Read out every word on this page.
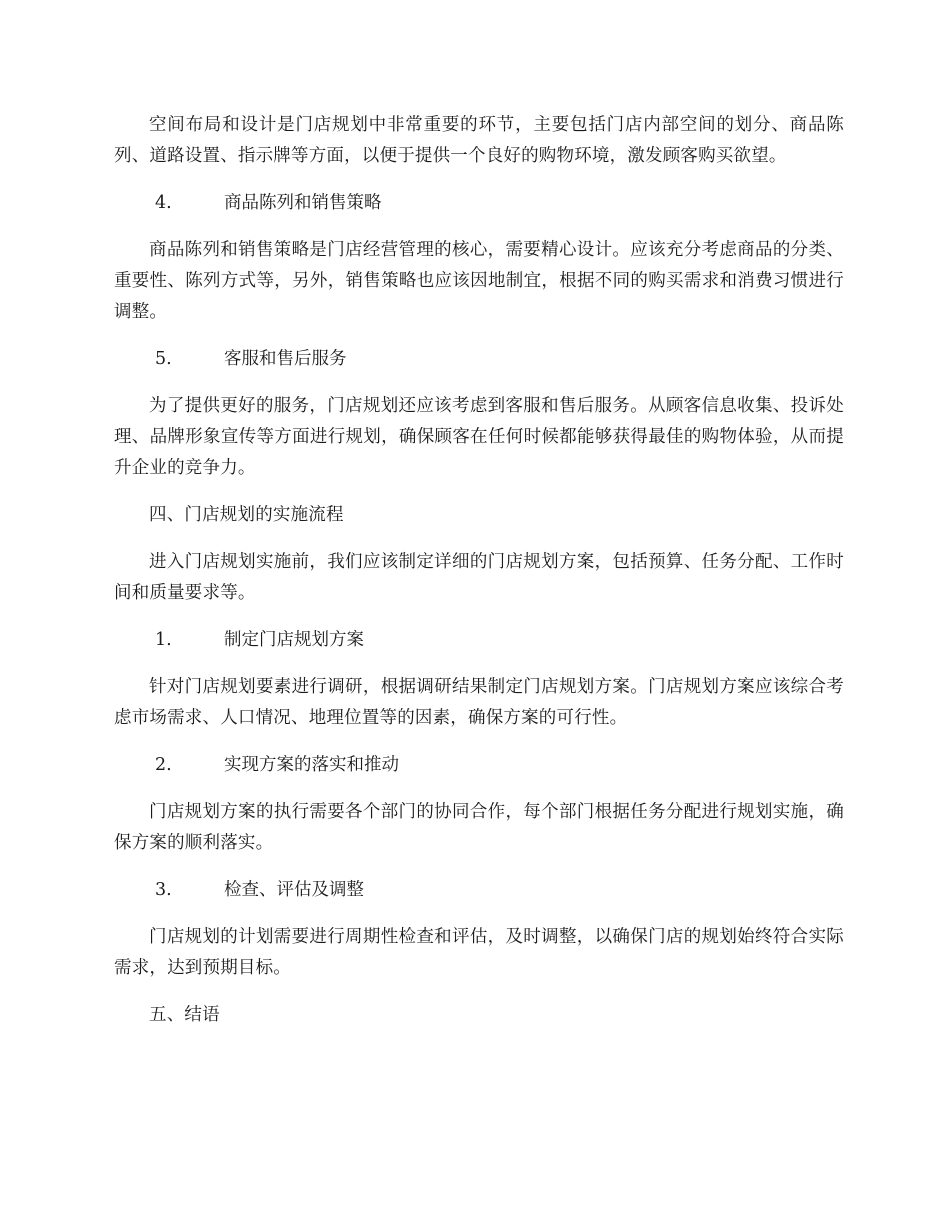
空间布局和设计是门店规划中非常重要的环节，主要包括门店内部空间的划分、商品陈列、道路设置、指示牌等方面，以便于提供一个良好的购物环境，激发顾客购买欲望。

4.	商品陈列和销售策略

商品陈列和销售策略是门店经营管理的核心，需要精心设计。应该充分考虑商品的分类、重要性、陈列方式等，另外，销售策略也应该因地制宜，根据不同的购买需求和消费习惯进行调整。

5.	客服和售后服务

为了提供更好的服务，门店规划还应该考虑到客服和售后服务。从顾客信息收集、投诉处理、品牌形象宣传等方面进行规划，确保顾客在任何时候都能够获得最佳的购物体验，从而提升企业的竞争力。

四、门店规划的实施流程

进入门店规划实施前，我们应该制定详细的门店规划方案，包括预算、任务分配、工作时间和质量要求等。

1.	制定门店规划方案

针对门店规划要素进行调研，根据调研结果制定门店规划方案。门店规划方案应该综合考虑市场需求、人口情况、地理位置等的因素，确保方案的可行性。

2.	实现方案的落实和推动

门店规划方案的执行需要各个部门的协同合作，每个部门根据任务分配进行规划实施，确保方案的顺利落实。

3.	检查、评估及调整

门店规划的计划需要进行周期性检查和评估，及时调整，以确保门店的规划始终符合实际需求，达到预期目标。

五、结语
